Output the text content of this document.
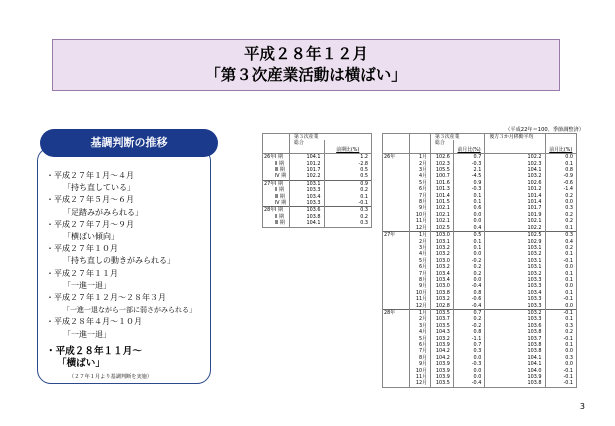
平成２８年１２月
「第３次産業活動は横ばい」
（平成22年＝100、季節調整済）
基調判断の推移
・平成２７年１月～４月
「持ち直している」
・平成２７年５月～６月
「足踏みがみられる」
・平成２７年７月～９月
「横ばい傾向」
・平成２７年１０月
「持ち直しの動きがみられる」
・平成２７年１１月
「一進一退」
・平成２７年１２月～２８年３月
「一進一退ながら一部に弱さがみられる」
・平成２８年４月～１０月
「一進一退」
・平成２８年１１月～
「横ばい」
（２７年１月より基調判断を実施）
	第３次産業	
	総合	
		前期比(%)
26年Ⅰ 期	104.1	1.2
Ⅱ 期	101.2	-2.8
Ⅲ 期	101.7	0.5
Ⅳ 期	102.2	0.5
27年Ⅰ 期	103.1	0.9
Ⅱ 期	103.3	0.2
Ⅲ 期	103.4	0.1
Ⅳ 期	103.3	-0.1
28年Ⅰ 期	103.6	0.3
Ⅱ 期	103.8	0.2
Ⅲ 期	104.1	0.3
		第３次産業		後方３か月移動平均	
		総合			
			前月比(%)		前月比(%)
26年	1月	102.6	0.7	102.2	0.0
	2月	102.3	-0.3	102.3	0.1
	3月	105.5	2.1	104.1	0.8
	4月	100.7	-4.5	103.2	-0.9
	5月	101.6	0.9	102.6	-0.6
	6月	101.3	-0.3	101.2	-1.4
	7月	101.4	0.1	101.4	0.2
	8月	101.5	0.1	101.4	0.0
	9月	102.1	0.6	101.7	0.3
	10月	102.1	0.0	101.9	0.2
	11月	102.1	0.0	102.1	0.2
	12月	102.5	0.4	102.2	0.1
27年	1月	103.0	0.5	102.5	0.3
	2月	103.1	0.1	102.9	0.4
	3月	103.2	0.1	103.1	0.2
	4月	103.2	0.0	103.2	0.1
	5月	103.0	-0.2	103.1	-0.1
	6月	103.2	0.2	103.1	0.0
	7月	103.4	0.2	103.2	0.1
	8月	103.4	0.0	103.3	0.1
	9月	103.0	-0.4	103.3	0.0
	10月	103.8	0.8	103.4	0.1
	11月	103.2	-0.6	103.3	-0.1
	12月	102.8	-0.4	103.3	0.0
28年	1月	103.5	0.7	103.2	-0.1
	2月	103.7	0.2	103.3	0.1
	3月	103.5	-0.2	103.6	0.3
	4月	104.3	0.8	103.8	0.2
	5月	103.2	-1.1	103.7	-0.1
	6月	103.9	0.7	103.8	0.1
	7月	104.2	0.3	103.8	0.0
	8月	104.2	0.0	104.1	0.3
	9月	103.9	-0.3	104.1	0.0
	10月	103.9	0.0	104.0	-0.1
	11月	103.9	0.0	103.9	-0.1
	12月	103.5	-0.4	103.8	-0.1
3
